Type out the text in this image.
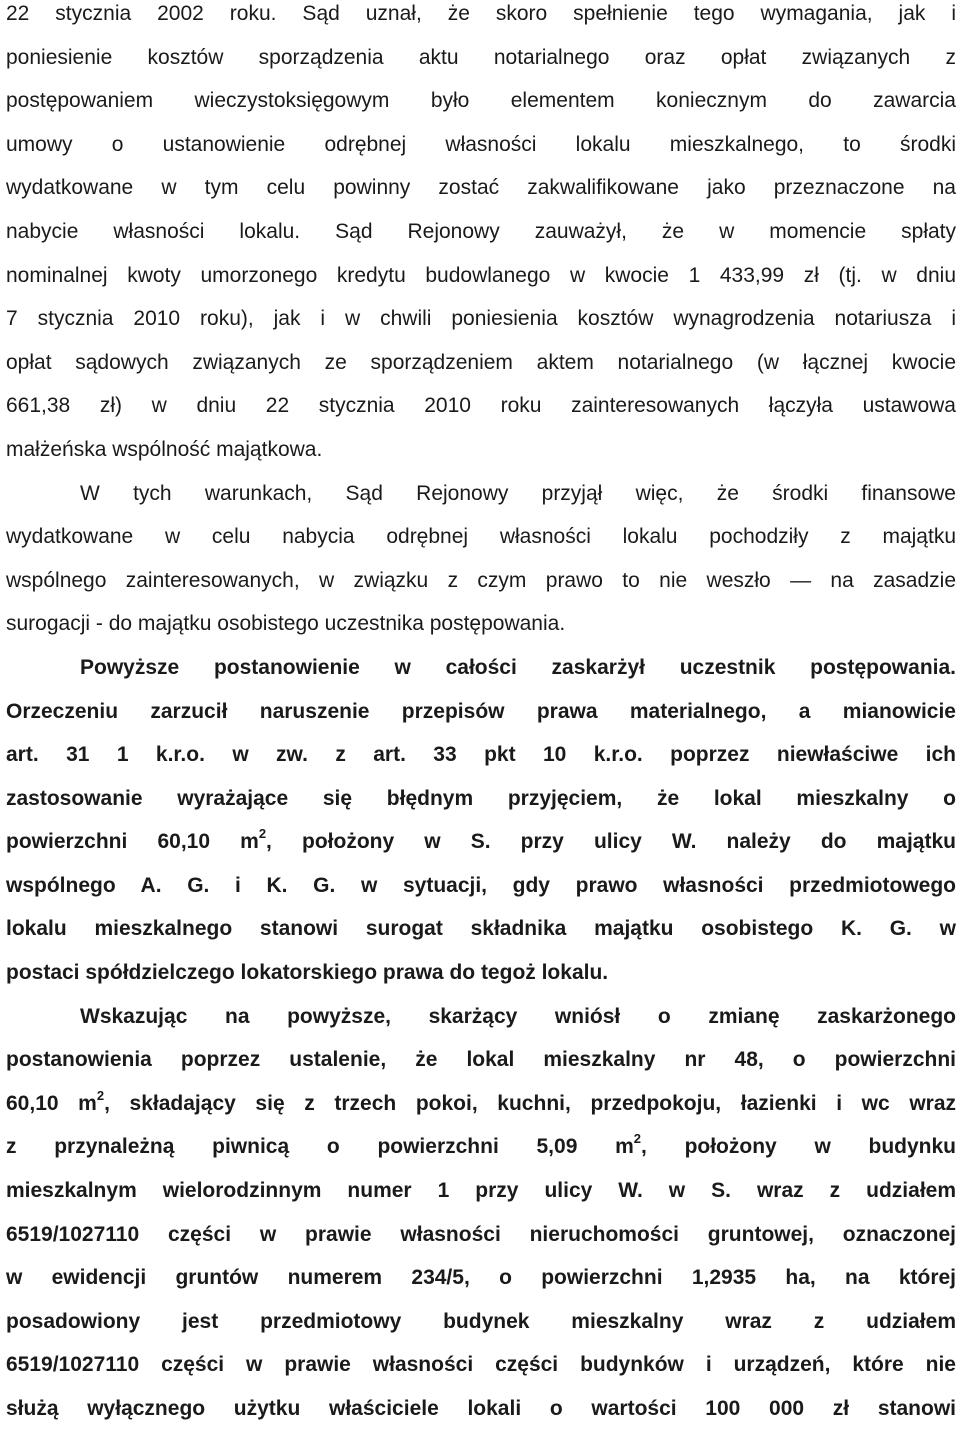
22 stycznia 2002 roku. Sąd uznał, że skoro spełnienie tego wymagania, jak i
poniesienie kosztów sporządzenia aktu notarialnego oraz opłat związanych z
postępowaniem wieczystoksięgowym było elementem koniecznym do zawarcia
umowy o ustanowienie odrębnej własności lokalu mieszkalnego, to środki
wydatkowane w tym celu powinny zostać zakwalifikowane jako przeznaczone na
nabycie własności lokalu. Sąd Rejonowy zauważył, że w momencie spłaty
nominalnej kwoty umorzonego kredytu budowlanego w kwocie 1 433,99 zł (tj. w dniu
7 stycznia 2010 roku), jak i w chwili poniesienia kosztów wynagrodzenia notariusza i
opłat sądowych związanych ze sporządzeniem aktem notarialnego (w łącznej kwocie
661,38 zł) w dniu 22 stycznia 2010 roku zainteresowanych łączyła ustawowa
małżeńska wspólność majątkowa.
W tych warunkach, Sąd Rejonowy przyjął więc, że środki finansowe
wydatkowane w celu nabycia odrębnej własności lokalu pochodziły z majątku
wspólnego zainteresowanych, w związku z czym prawo to nie weszło — na zasadzie
surogacji - do majątku osobistego uczestnika postępowania.
Powyższe postanowienie w całości zaskarżył uczestnik postępowania.
Orzeczeniu zarzucił naruszenie przepisów prawa materialnego, a mianowicie
art. 31 1 k.r.o. w zw. z art. 33 pkt 10 k.r.o. poprzez niewłaściwe ich
zastosowanie wyrażające się błędnym przyjęciem, że lokal mieszkalny o
powierzchni 60,10 $m^2$, położony w S. przy ulicy W. należy do majątku
wspólnego A. G. i K. G. w sytuacji, gdy prawo własności przedmiotowego
lokalu mieszkalnego stanowi surogat składnika majątku osobistego K. G. w
postaci spółdzielczego lokatorskiego prawa do tegoż lokalu.
Wskazując na powyższe, skarżący wniósł o zmianę zaskarżonego
postanowienia poprzez ustalenie, że lokal mieszkalny nr 48, o powierzchni
60,10 $m^2$, składający się z trzech pokoi, kuchni, przedpokoju, łazienki i wc wraz
z przynależną piwnicą o powierzchni 5,09 $m^2$, położony w budynku
mieszkalnym wielorodzinnym numer 1 przy ulicy W. w S. wraz z udziałem
6519/1027110 części w prawie własności nieruchomości gruntowej, oznaczonej
w ewidencji gruntów numerem 234/5, o powierzchni 1,2935 ha, na której
posadowiony jest przedmiotowy budynek mieszkalny wraz z udziałem
6519/1027110 części w prawie własności części budynków i urządzeń, które nie
służą wyłącznego użytku właściciele lokali o wartości 100 000 zł stanowi
